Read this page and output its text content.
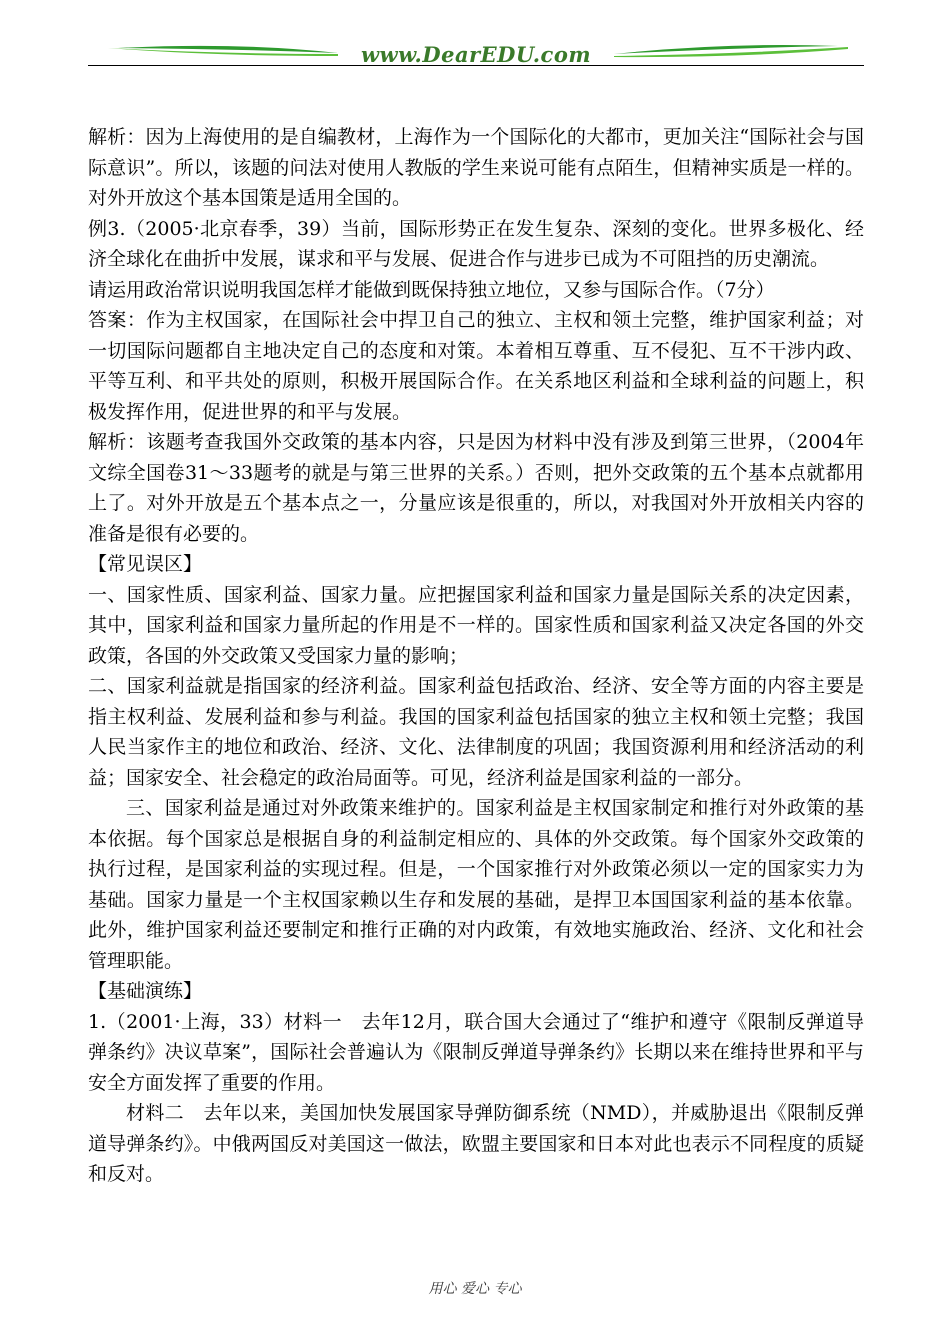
www.DearEDU.com

解析：因为上海使用的是自编教材，上海作为一个国际化的大都市，更加关注“国际社会与国际意识”。所以，该题的问法对使用人教版的学生来说可能有点陌生，但精神实质是一样的。对外开放这个基本国策是适用全国的。

例3.（2005·北京春季，39）当前，国际形势正在发生复杂、深刻的变化。世界多极化、经济全球化在曲折中发展，谋求和平与发展、促进合作与进步已成为不可阻挡的历史潮流。

请运用政治常识说明我国怎样才能做到既保持独立地位，又参与国际合作。（7分）

答案：作为主权国家，在国际社会中捍卫自己的独立、主权和领土完整，维护国家利益；对一切国际问题都自主地决定自己的态度和对策。本着相互尊重、互不侵犯、互不干涉内政、平等互利、和平共处的原则，积极开展国际合作。在关系地区利益和全球利益的问题上，积极发挥作用，促进世界的和平与发展。

解析：该题考查我国外交政策的基本内容，只是因为材料中没有涉及到第三世界，（2004年文综全国卷31～33题考的就是与第三世界的关系。）否则，把外交政策的五个基本点就都用上了。对外开放是五个基本点之一，分量应该是很重的，所以，对我国对外开放相关内容的准备是很有必要的。

【常见误区】

一、国家性质、国家利益、国家力量。应把握国家利益和国家力量是国际关系的决定因素，其中，国家利益和国家力量所起的作用是不一样的。国家性质和国家利益又决定各国的外交政策，各国的外交政策又受国家力量的影响；

二、国家利益就是指国家的经济利益。国家利益包括政治、经济、安全等方面的内容主要是指主权利益、发展利益和参与利益。我国的国家利益包括国家的独立主权和领土完整；我国人民当家作主的地位和政治、经济、文化、法律制度的巩固；我国资源利用和经济活动的利益；国家安全、社会稳定的政治局面等。可见，经济利益是国家利益的一部分。

三、国家利益是通过对外政策来维护的。国家利益是主权国家制定和推行对外政策的基本依据。每个国家总是根据自身的利益制定相应的、具体的外交政策。每个国家外交政策的执行过程，是国家利益的实现过程。但是，一个国家推行对外政策必须以一定的国家实力为基础。国家力量是一个主权国家赖以生存和发展的基础，是捍卫本国国家利益的基本依靠。此外，维护国家利益还要制定和推行正确的对内政策，有效地实施政治、经济、文化和社会管理职能。

【基础演练】

1.（2001·上海，33）材料一　去年12月，联合国大会通过了“维护和遵守《限制反弹道导弹条约》决议草案”，国际社会普遍认为《限制反弹道导弹条约》长期以来在维持世界和平与安全方面发挥了重要的作用。

材料二　去年以来，美国加快发展国家导弹防御系统（NMD），并威胁退出《限制反弹道导弹条约》。中俄两国反对美国这一做法，欧盟主要国家和日本对此也表示不同程度的质疑和反对。

用心 爱心 专心
